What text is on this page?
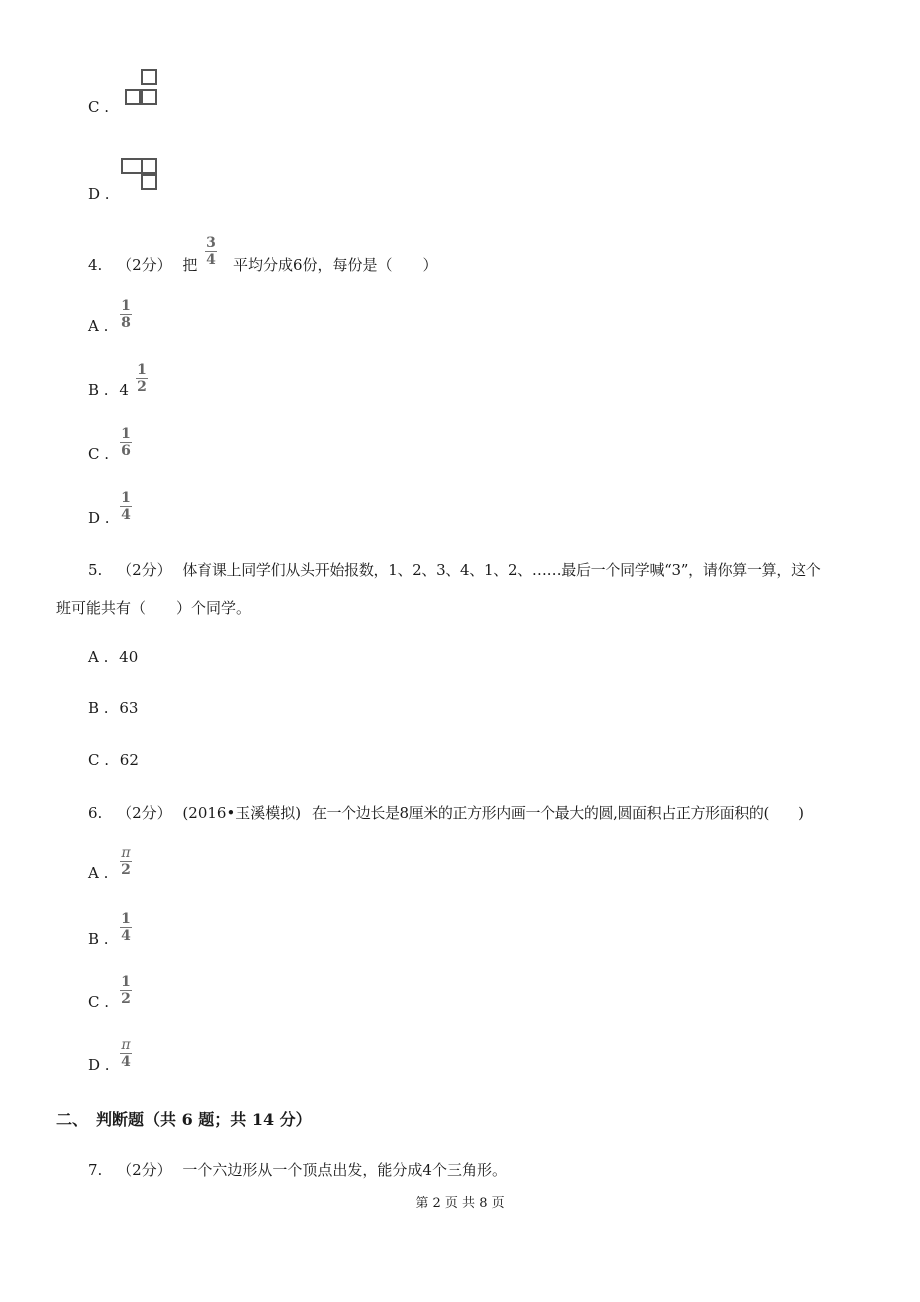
C .
D .
4. （2分） 把 平均分成6份，每份是（　　）
3
4
A .
1
8
B . 4
1
2
C .
1
6
D .
1
4
5. （2分） 体育课上同学们从头开始报数，1、2、3、4、1、2、……最后一个同学喊“3”，请你算一算，这个
班可能共有（　　）个同学。
A . 40
B . 63
C . 62
6. （2分） (2016•玉溪模拟) 在一个边长是8厘米的正方形内画一个最大的圆,圆面积占正方形面积的(　　)
A .
π
2
B .
1
4
C .
1
2
D .
π
4
二、　判断题（共 6 题；共 14 分）
7. （2分） 一个六边形从一个顶点出发，能分成4个三角形。
第 2 页 共 8 页
